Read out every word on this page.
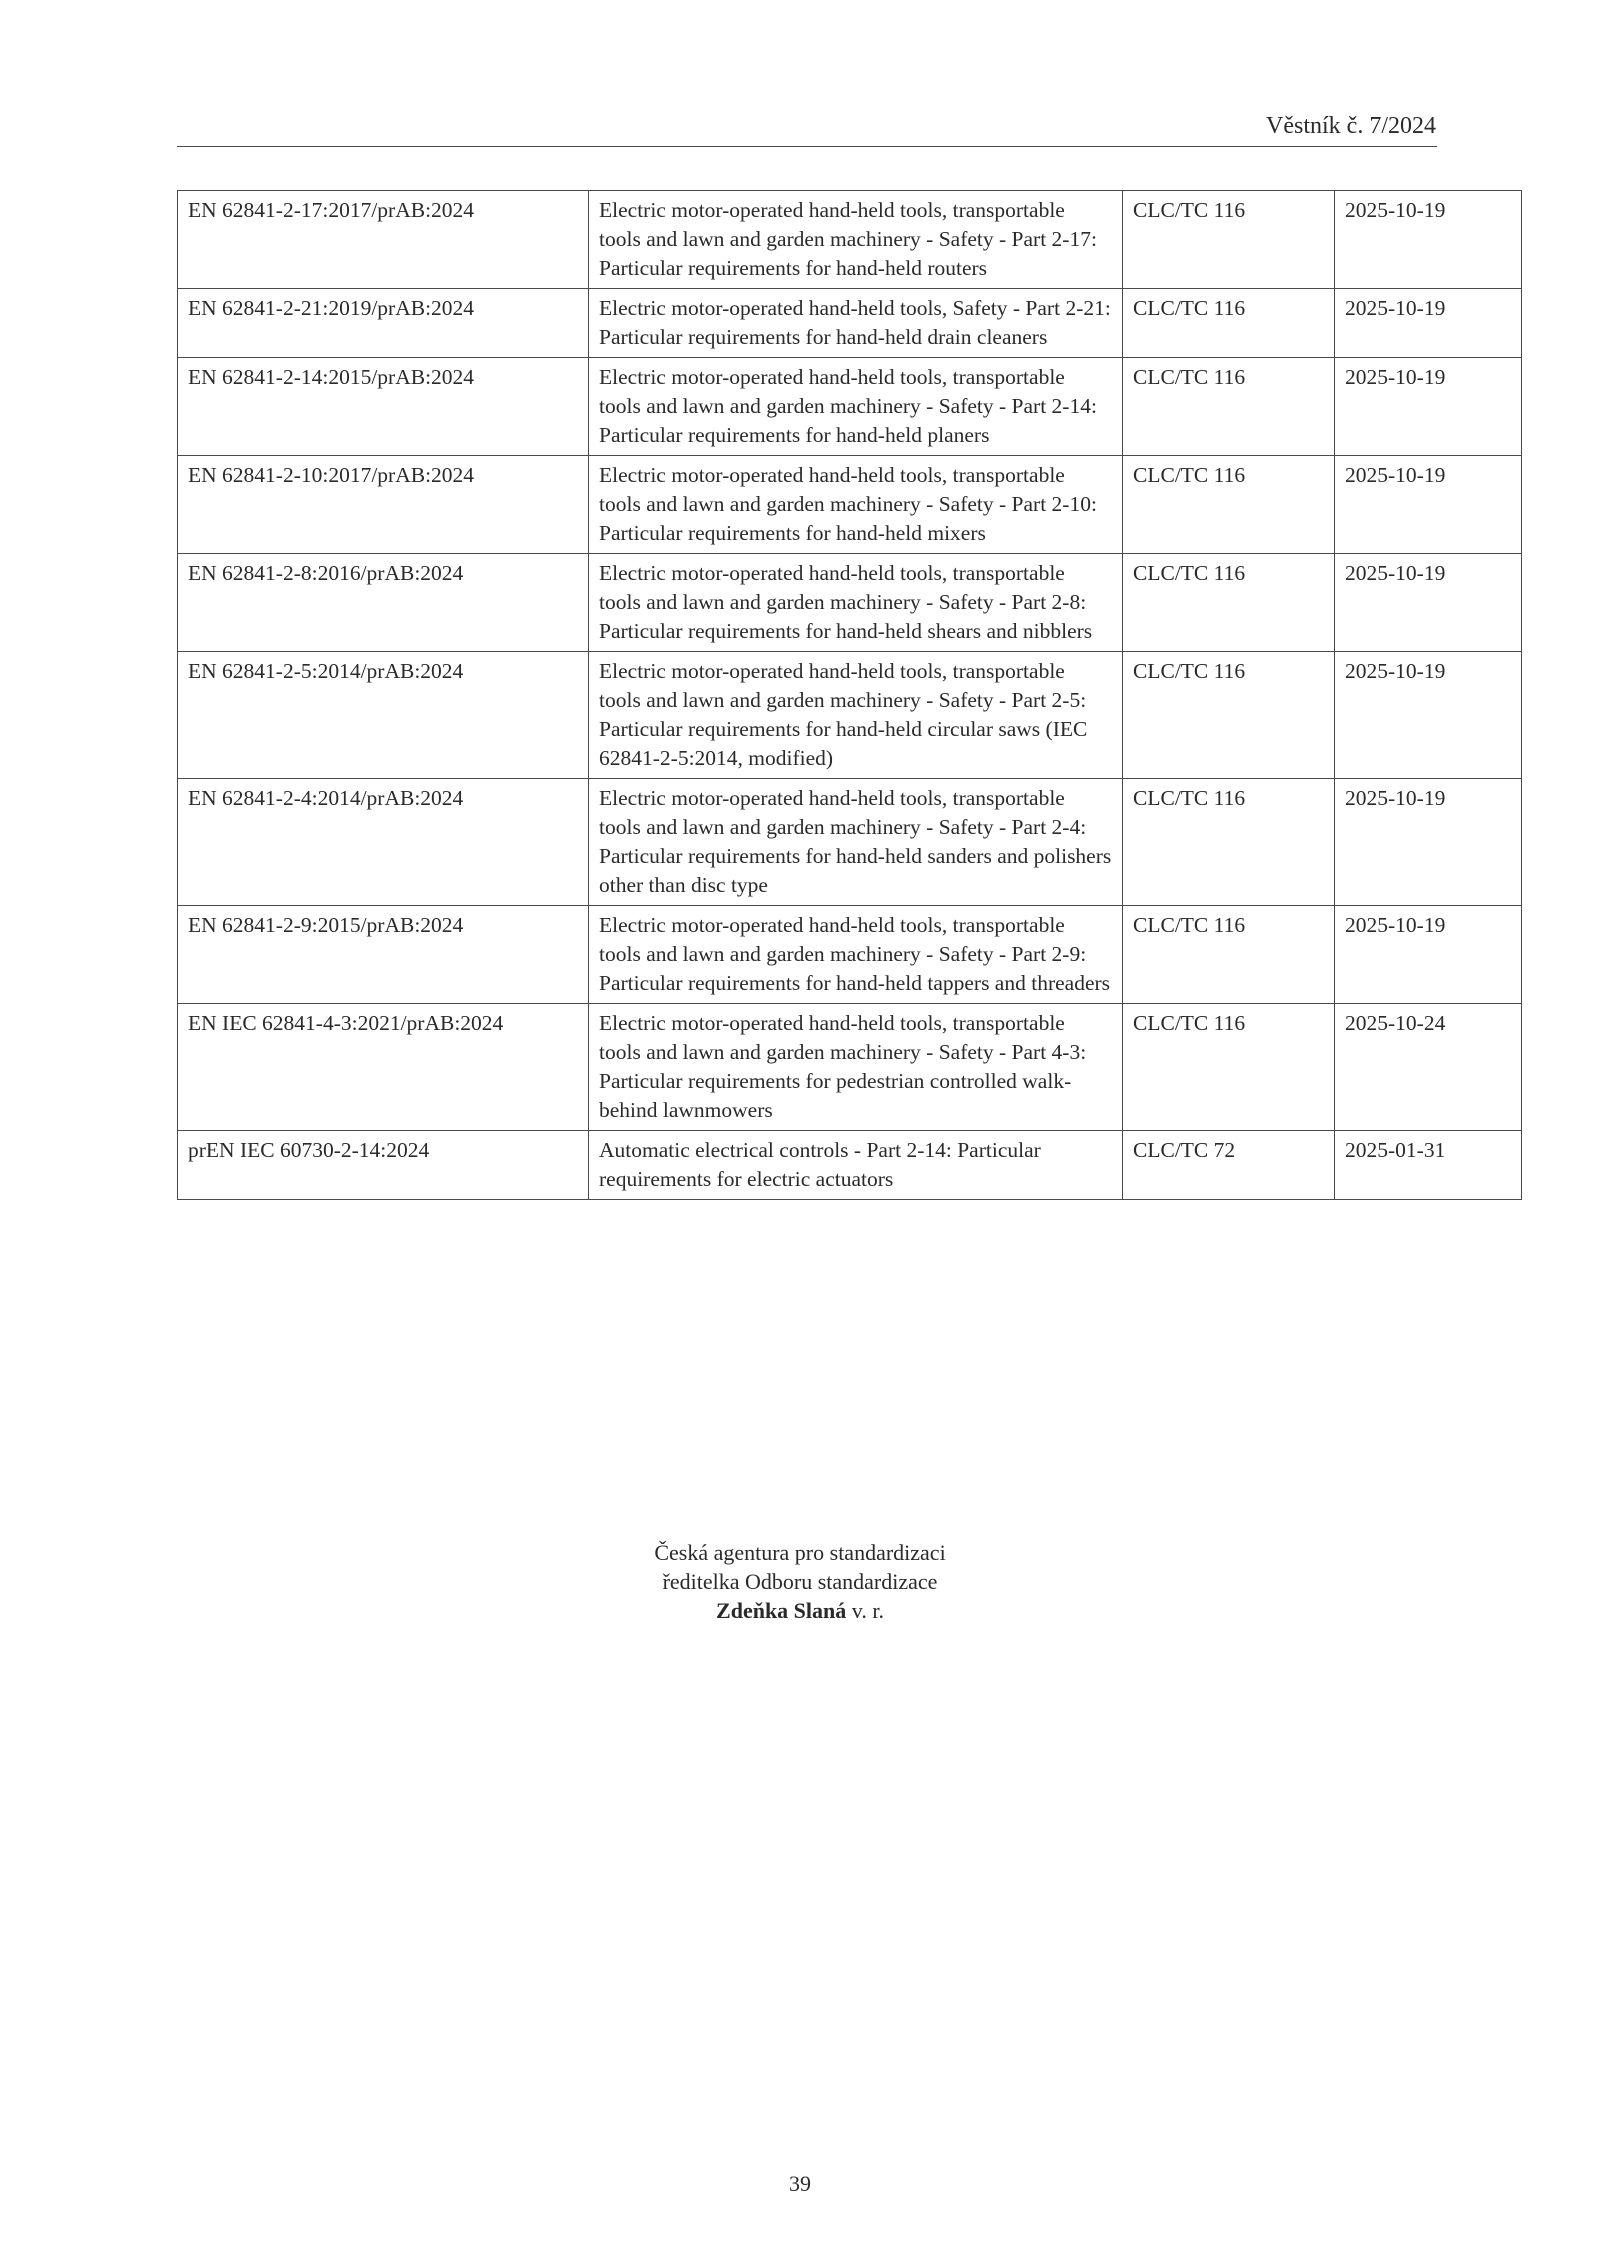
Věstník č. 7/2024
EN 62841-2-17:2017/prAB:2024	Electric motor-operated hand-held tools, transportable tools and lawn and garden machinery - Safety - Part 2-17: Particular requirements for hand-held routers	CLC/TC 116	2025-10-19
EN 62841-2-21:2019/prAB:2024	Electric motor-operated hand-held tools, Safety - Part 2-21: Particular requirements for hand-held drain cleaners	CLC/TC 116	2025-10-19
EN 62841-2-14:2015/prAB:2024	Electric motor-operated hand-held tools, transportable tools and lawn and garden machinery - Safety - Part 2-14: Particular requirements for hand-held planers	CLC/TC 116	2025-10-19
EN 62841-2-10:2017/prAB:2024	Electric motor-operated hand-held tools, transportable tools and lawn and garden machinery - Safety - Part 2-10: Particular requirements for hand-held mixers	CLC/TC 116	2025-10-19
EN 62841-2-8:2016/prAB:2024	Electric motor-operated hand-held tools, transportable tools and lawn and garden machinery - Safety - Part 2-8: Particular requirements for hand-held shears and nibblers	CLC/TC 116	2025-10-19
EN 62841-2-5:2014/prAB:2024	Electric motor-operated hand-held tools, transportable tools and lawn and garden machinery - Safety - Part 2-5: Particular requirements for hand-held circular saws (IEC 62841-2-5:2014, modified)	CLC/TC 116	2025-10-19
EN 62841-2-4:2014/prAB:2024	Electric motor-operated hand-held tools, transportable tools and lawn and garden machinery - Safety - Part 2-4: Particular requirements for hand-held sanders and polishers other than disc type	CLC/TC 116	2025-10-19
EN 62841-2-9:2015/prAB:2024	Electric motor-operated hand-held tools, transportable tools and lawn and garden machinery - Safety - Part 2-9: Particular requirements for hand-held tappers and threaders	CLC/TC 116	2025-10-19
EN IEC 62841-4-3:2021/prAB:2024	Electric motor-operated hand-held tools, transportable tools and lawn and garden machinery - Safety - Part 4-3: Particular requirements for pedestrian controlled walk-behind lawnmowers	CLC/TC 116	2025-10-24
prEN IEC 60730-2-14:2024	Automatic electrical controls - Part 2-14: Particular requirements for electric actuators	CLC/TC 72	2025-01-31
Česká agentura pro standardizaci
ředitelka Odboru standardizace
Zdeňka Slaná v. r.
39
